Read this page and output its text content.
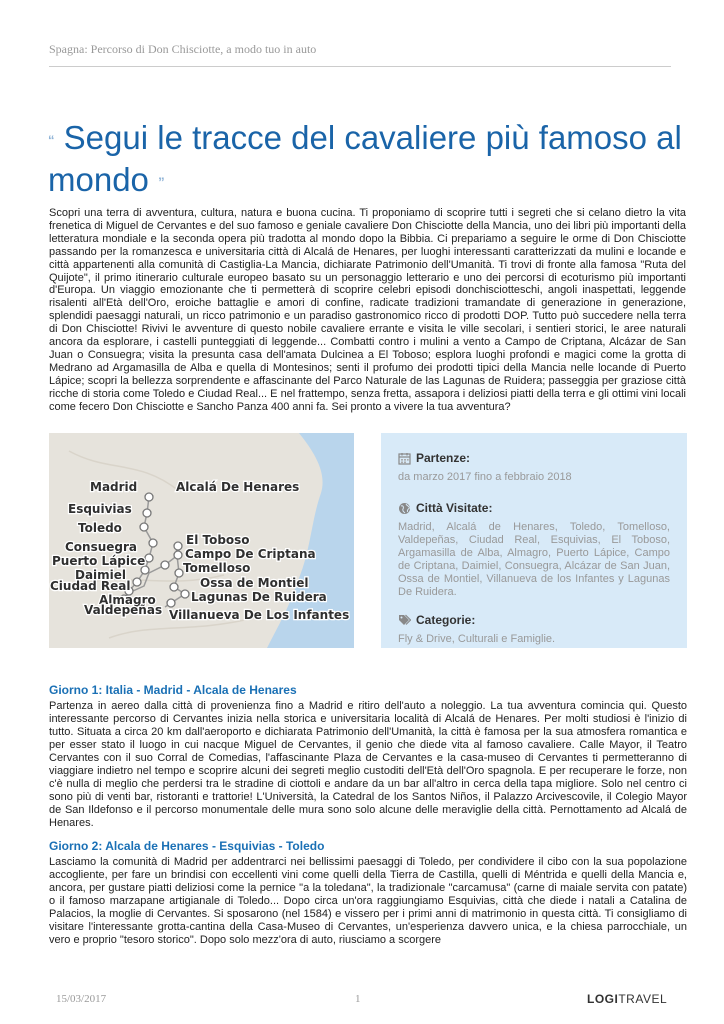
Spagna: Percorso di Don Chisciotte, a modo tuo in auto
“ Segui le tracce del cavaliere più famoso al mondo ”

Scopri una terra di avventura, cultura, natura e buona cucina. Ti proponiamo di scoprire tutti i segreti che si celano dietro la vita frenetica di Miguel de Cervantes e del suo famoso e geniale cavaliere Don Chisciotte della Mancia, uno dei libri più importanti della letteratura mondiale e la seconda opera più tradotta al mondo dopo la Bibbia. Ci prepariamo a seguire le orme di Don Chisciotte passando per la romanzesca e universitaria città di Alcalá de Henares, per luoghi interessanti caratterizzati da mulini e locande e città appartenenti alla comunità di Castiglia-La Mancia, dichiarate Patrimonio dell'Umanità. Ti trovi di fronte alla famosa "Ruta del Quijote", il primo itinerario culturale europeo basato su un personaggio letterario e uno dei percorsi di ecoturismo più importanti d'Europa. Un viaggio emozionante che ti permetterà di scoprire celebri episodi donchisciotteschi, angoli inaspettati, leggende risalenti all'Età dell'Oro, eroiche battaglie e amori di confine, radicate tradizioni tramandate di generazione in generazione, splendidi paesaggi naturali, un ricco patrimonio e un paradiso gastronomico ricco di prodotti DOP. Tutto può succedere nella terra di Don Chisciotte! Rivivi le avventure di questo nobile cavaliere errante e visita le ville secolari, i sentieri storici, le aree naturali ancora da esplorare, i castelli punteggiati di leggende... Combatti contro i mulini a vento a Campo de Criptana, Alcázar de San Juan o Consuegra; visita la presunta casa dell'amata Dulcinea a El Toboso; esplora luoghi profondi e magici come la grotta di Medrano ad Argamasilla de Alba e quella di Montesinos; senti il profumo dei prodotti tipici della Mancia nelle locande di Puerto Lápice; scopri la bellezza sorprendente e affascinante del Parco Naturale de las Lagunas de Ruidera; passeggia per graziose città ricche di storia come Toledo e Ciudad Real... E nel frattempo, senza fretta, assapora i deliziosi piatti della terra e gli ottimi vini locali come fecero Don Chisciotte e Sancho Panza 400 anni fa. Sei pronto a vivere la tua avventura?

Madrid	Alcalá De Henares
Esquivias
Toledo
El Toboso
Consuegra	Campo De Criptana
Puerto Lápice	Tomelloso
Daimiel
Ossa de Montiel
Ciudad Real
Lagunas De Ruidera
Almagro
Valdepeñas Villanueva De Los Infantes

Partenze:

da marzo 2017 fino a febbraio 2018

Città Visitate:

Madrid, Alcalá de Henares, Toledo, Tomelloso, Valdepeñas, Ciudad Real, Esquivias, El Toboso, Argamasilla de Alba, Almagro, Puerto Lápice, Campo de Criptana, Daimiel, Consuegra, Alcázar de San Juan, Ossa de Montiel, Villanueva de los Infantes y Lagunas De Ruidera.

Categorie:

Fly & Drive, Culturali e Famiglie.

Giorno 1: Italia - Madrid - Alcala de Henares

Partenza in aereo dalla città di provenienza fino a Madrid e ritiro dell'auto a noleggio. La tua avventura comincia qui. Questo interessante percorso di Cervantes inizia nella storica e universitaria località di Alcalá de Henares. Per molti studiosi è l'inizio di tutto. Situata a circa 20 km dall'aeroporto e dichiarata Patrimonio dell'Umanità, la città è famosa per la sua atmosfera romantica e per esser stato il luogo in cui nacque Miguel de Cervantes, il genio che diede vita al famoso cavaliere. Calle Mayor, il Teatro Cervantes con il suo Corral de Comedias, l'affascinante Plaza de Cervantes e la casa-museo di Cervantes ti permetteranno di viaggiare indietro nel tempo e scoprire alcuni dei segreti meglio custoditi dell'Età dell'Oro spagnola. E per recuperare le forze, non c'è nulla di meglio che perdersi tra le stradine di ciottoli e andare da un bar all'altro in cerca della tapa migliore. Solo nel centro ci sono più di venti bar, ristoranti e trattorie! L'Università, la Catedral de los Santos Niños, il Palazzo Arcivescovile, il Colegio Mayor de San Ildefonso e il percorso monumentale delle mura sono solo alcune delle meraviglie della città. Pernottamento ad Alcalá de Henares.

Giorno 2: Alcala de Henares - Esquivias - Toledo

Lasciamo la comunità di Madrid per addentrarci nei bellissimi paesaggi di Toledo, per condividere il cibo con la sua popolazione accogliente, per fare un brindisi con eccellenti vini come quelli della Tierra de Castilla, quelli di Méntrida e quelli della Mancia e, ancora, per gustare piatti deliziosi come la pernice "a la toledana", la tradizionale "carcamusa" (carne di maiale servita con patate) o il famoso marzapane artigianale di Toledo... Dopo circa un'ora raggiungiamo Esquivias, città che diede i natali a Catalina de Palacios, la moglie di Cervantes. Si sposarono (nel 1584) e vissero per i primi anni di matrimonio in questa città. Ti consigliamo di visitare l'interessante grotta-cantina della Casa-Museo di Cervantes, un'esperienza davvero unica, e la chiesa parrocchiale, un vero e proprio "tesoro storico". Dopo solo mezz'ora di auto, riusciamo a scorgere

15/03/2017	1	LOGITRAVEL
